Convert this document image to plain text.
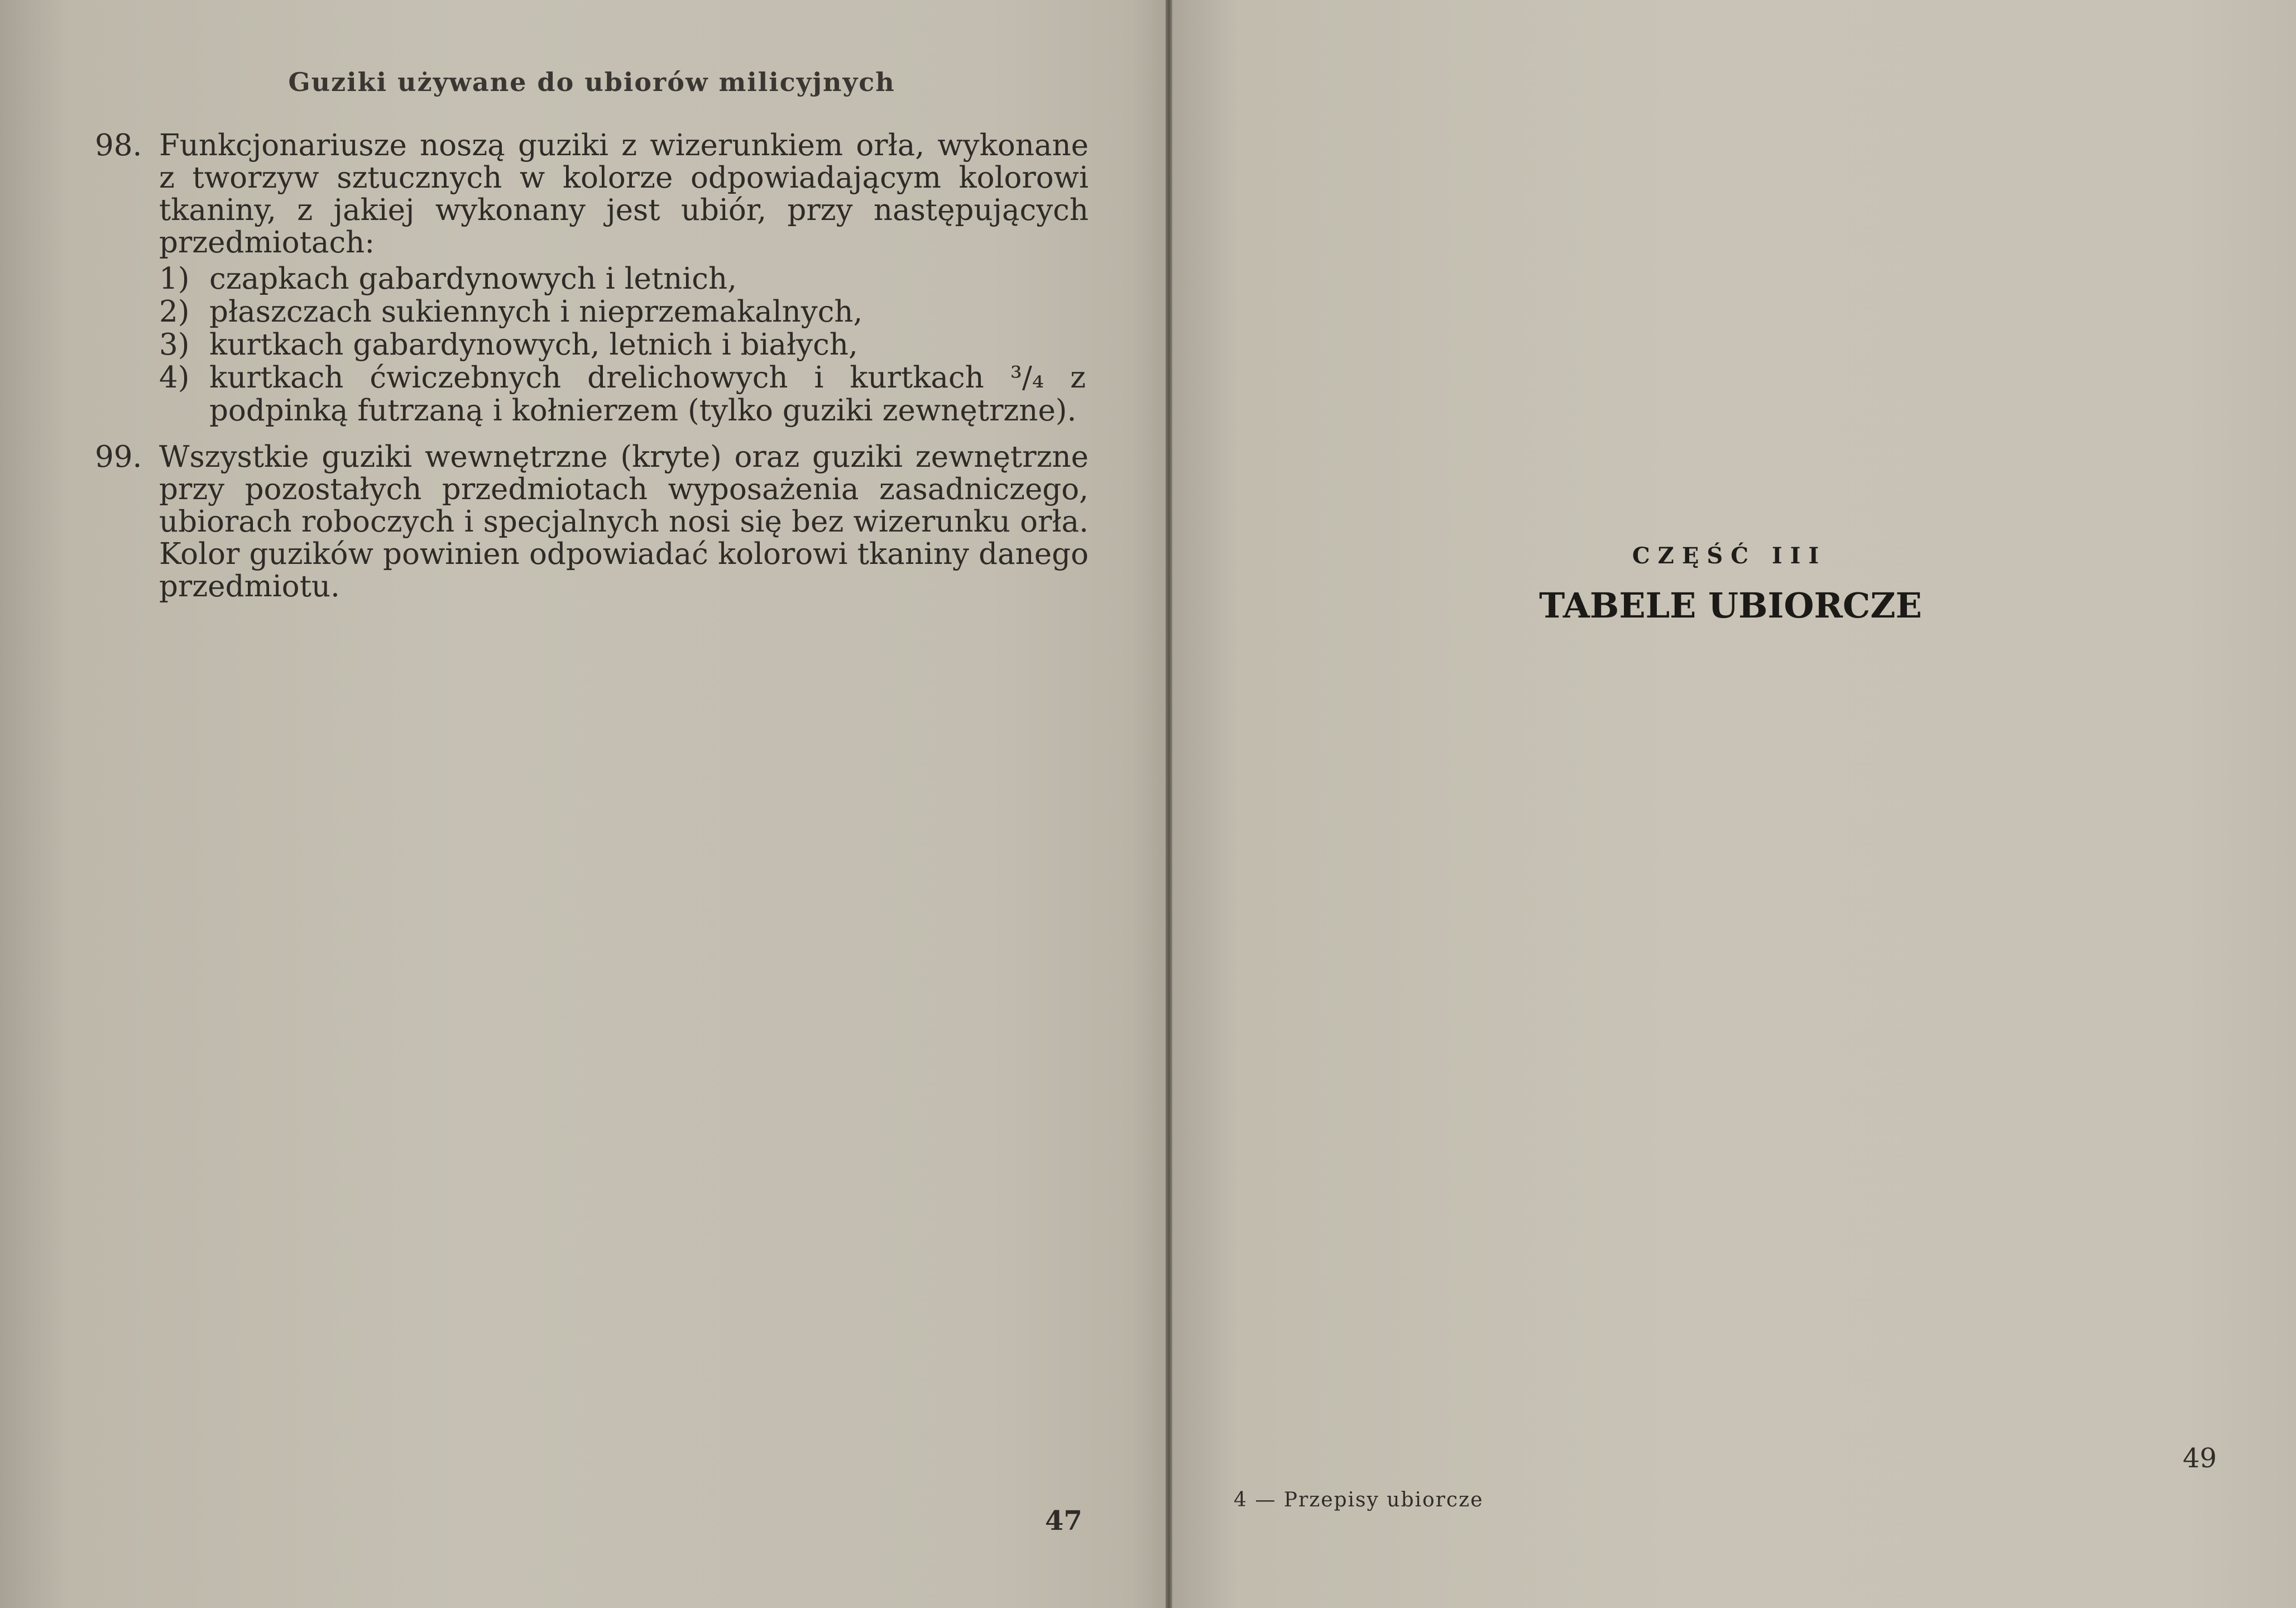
Guziki używane do ubiorów milicyjnych
98. Funkcjonariusze noszą guziki z wizerunkiem orła, wykonane z tworzyw sztucznych w kolorze odpowiadającym kolorowi tkaniny, z jakiej wykonany jest ubiór, przy następujących przedmiotach:
1) czapkach gabardynowych i letnich,
2) płaszczach sukiennych i nieprzemakalnych,
3) kurtkach gabardynowych, letnich i białych,
4) kurtkach ćwiczebnych drelichowych i kurtkach ³/₄ z podpinką futrzaną i kołnierzem (tylko guziki zewnętrzne).
99. Wszystkie guziki wewnętrzne (kryte) oraz guziki zewnętrzne przy pozostałych przedmiotach wyposażenia zasadniczego, ubiorach roboczych i specjalnych nosi się bez wizerunku orła. Kolor guzików powinien odpowiadać kolorowi tkaniny danego przedmiotu.
47
CZĘŚĆ III
TABELE UBIORCZE
4 — Przepisy ubiorcze
49
